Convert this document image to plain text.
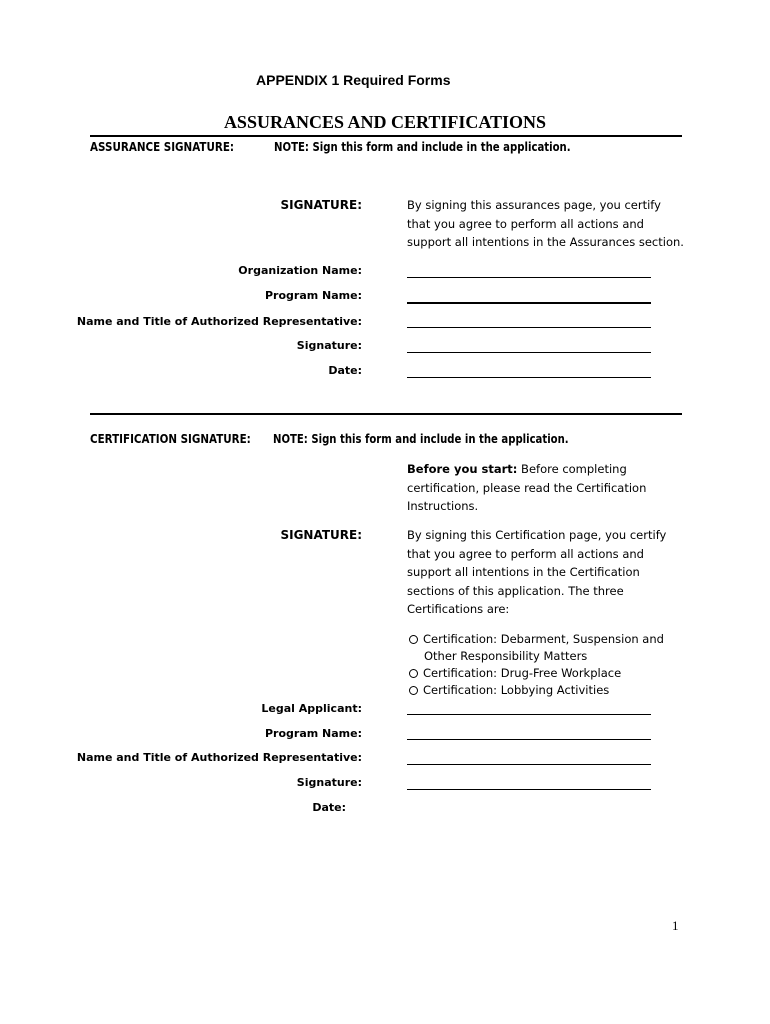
APPENDIX 1 Required Forms
ASSURANCES AND CERTIFICATIONS
ASSURANCE SIGNATURE:	NOTE: Sign this form and include in the application.
SIGNATURE:	By signing this assurances page, you certify that you agree to perform all actions and support all intentions in the Assurances section.
Organization Name:
Program Name:
Name and Title of Authorized Representative:
Signature:
Date:
CERTIFICATION SIGNATURE: NOTE: Sign this form and include in the application.
Before you start: Before completing certification, please read the Certification Instructions.
SIGNATURE:	By signing this Certification page, you certify that you agree to perform all actions and support all intentions in the Certification sections of this application. The three Certifications are:
Certification: Debarment, Suspension and Other Responsibility Matters
Certification: Drug-Free Workplace
Certification: Lobbying Activities
Legal Applicant:
Program Name:
Name and Title of Authorized Representative:
Signature:
Date:
1
